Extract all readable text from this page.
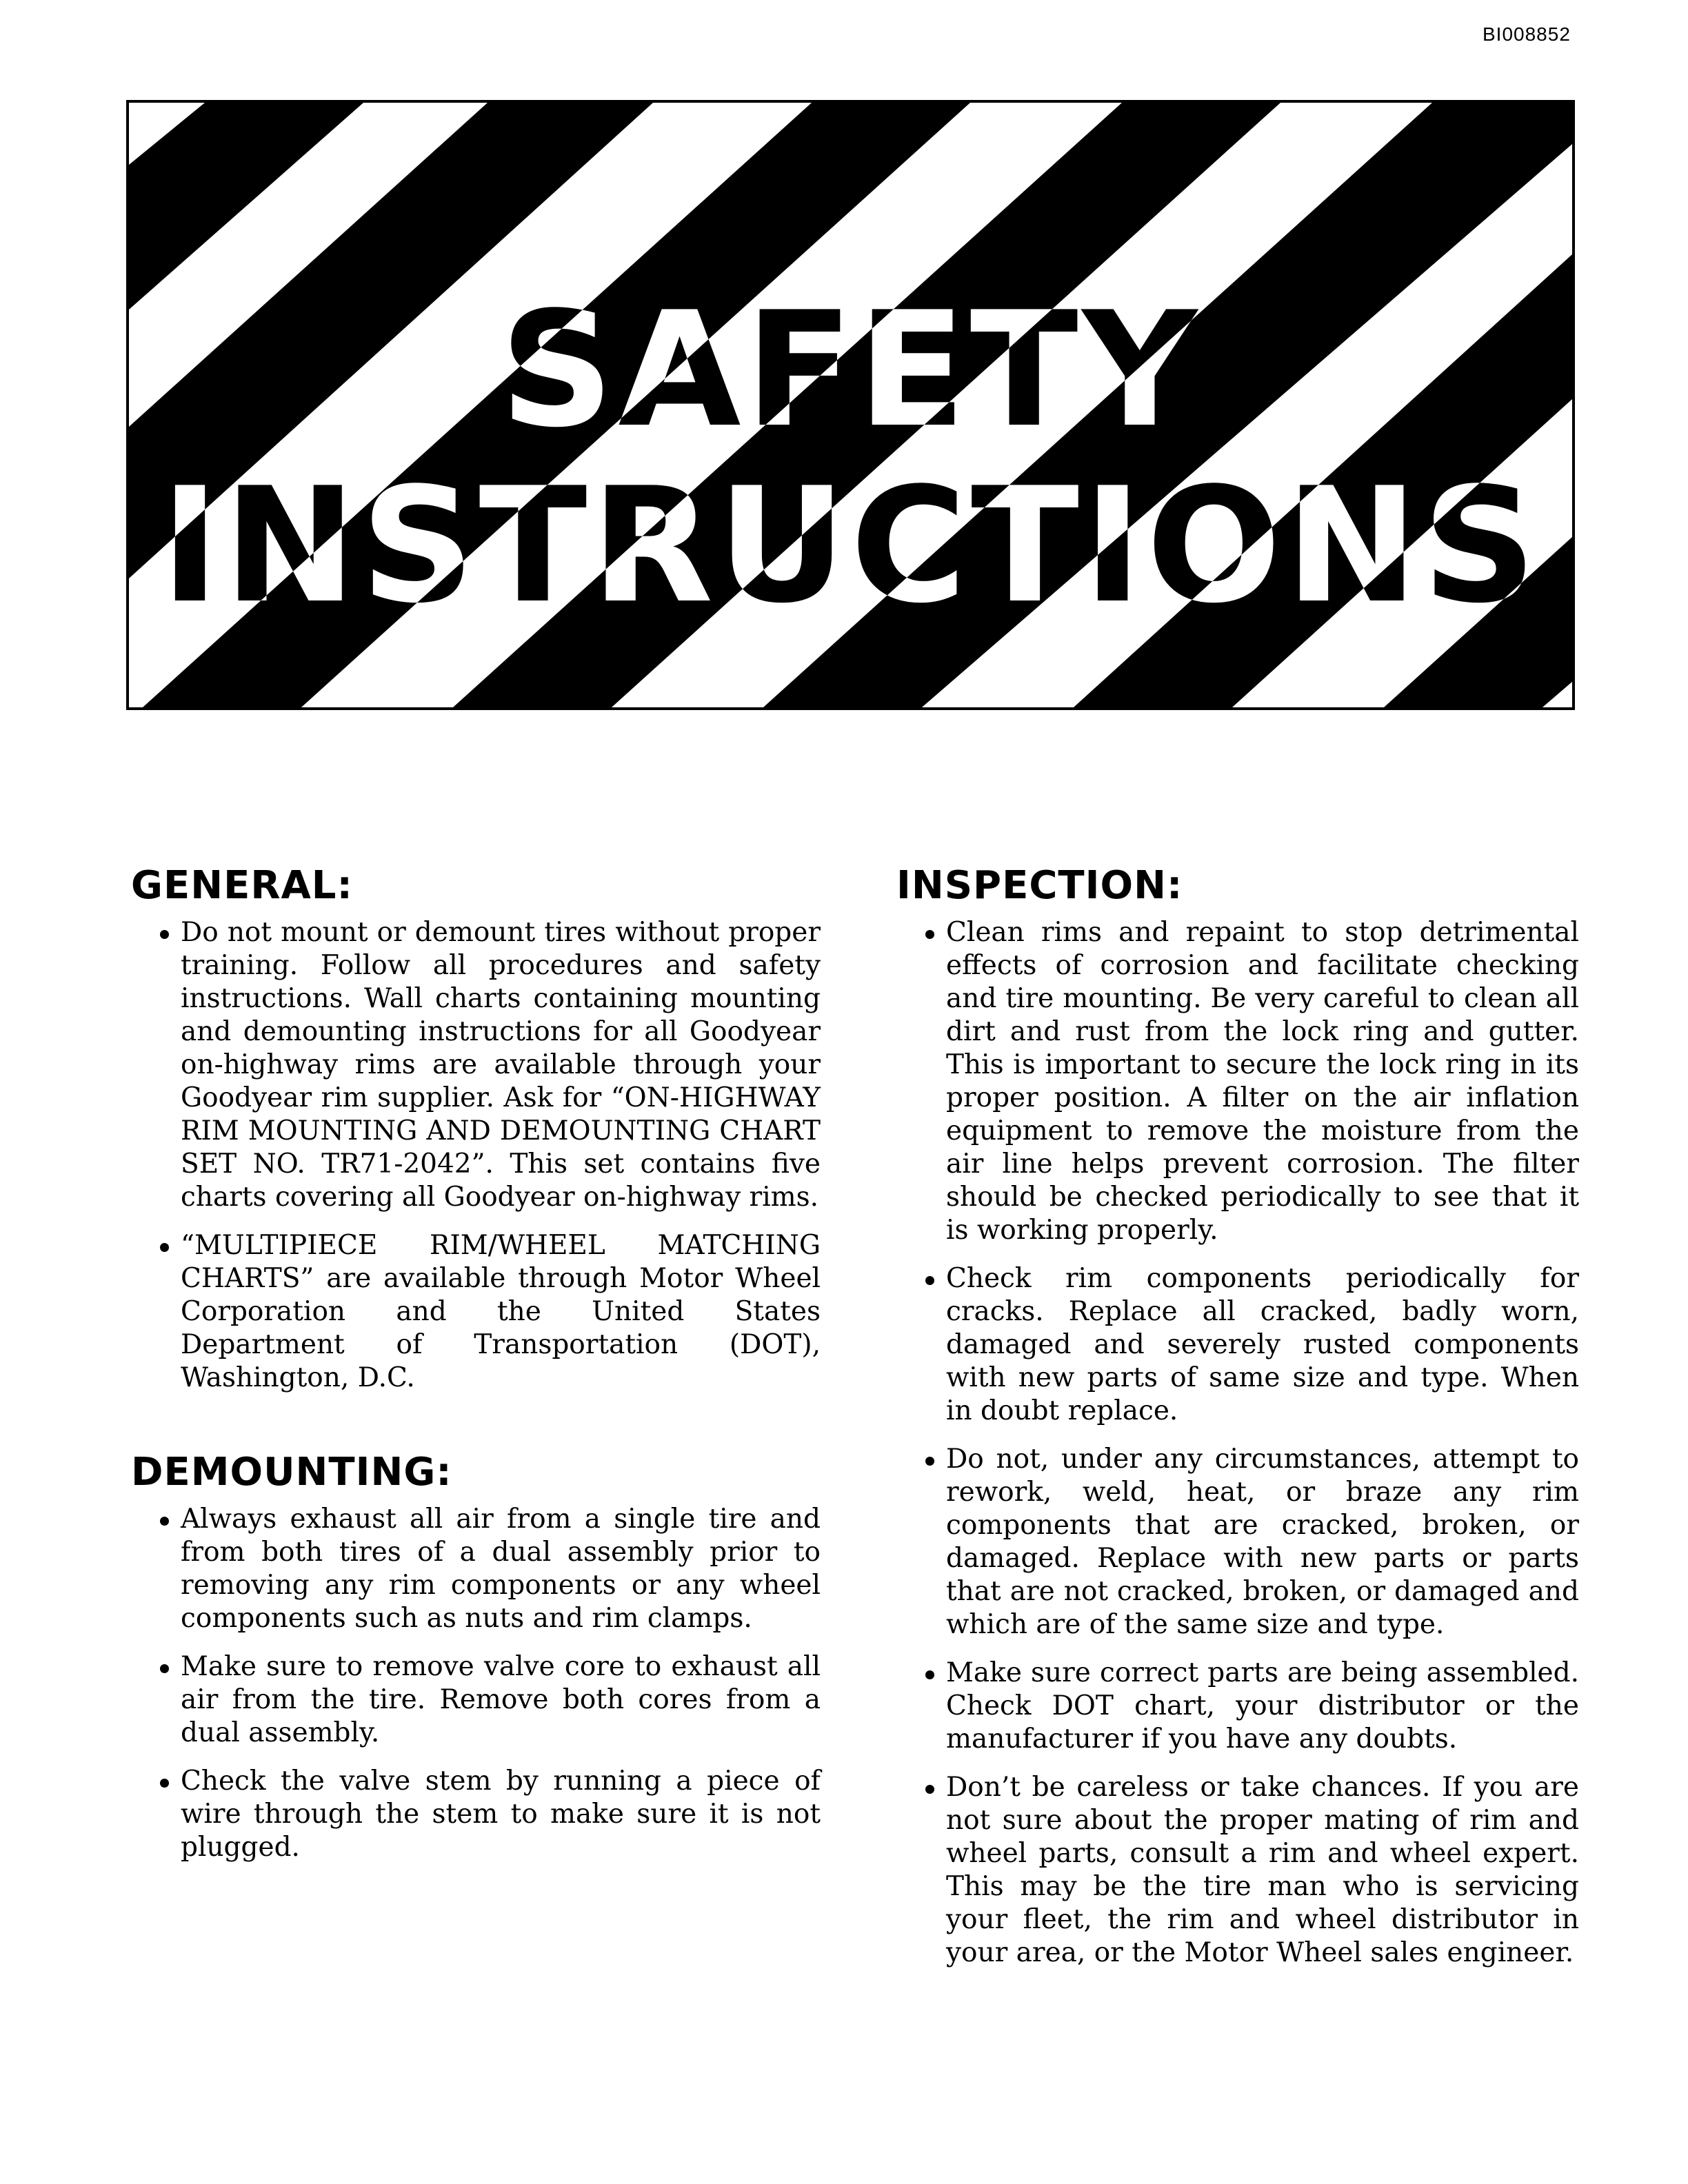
BI008852
SAFETY
INSTRUCTIONS
GENERAL:
Do not mount or demount tires without proper training. Follow all procedures and safety instructions. Wall charts containing mounting and demounting instructions for all Goodyear on-highway rims are available through your Goodyear rim supplier. Ask for “ON-HIGHWAY RIM MOUNTING AND DEMOUNTING CHART SET NO. TR71-2042”. This set contains five charts covering all Goodyear on-highway rims.
“MULTIPIECE RIM/WHEEL MATCHING CHARTS” are available through Motor Wheel Corporation and the United States Department of Transportation (DOT), Washington, D.C.
DEMOUNTING:
Always exhaust all air from a single tire and from both tires of a dual assembly prior to removing any rim components or any wheel components such as nuts and rim clamps.
Make sure to remove valve core to exhaust all air from the tire. Remove both cores from a dual assembly.
Check the valve stem by running a piece of wire through the stem to make sure it is not plugged.
INSPECTION:
Clean rims and repaint to stop detrimental effects of corrosion and facilitate checking and tire mounting. Be very careful to clean all dirt and rust from the lock ring and gutter. This is important to secure the lock ring in its proper position. A filter on the air inflation equipment to remove the moisture from the air line helps prevent corrosion. The filter should be checked periodically to see that it is working properly.
Check rim components periodically for cracks. Replace all cracked, badly worn, damaged and severely rusted components with new parts of same size and type. When in doubt replace.
Do not, under any circumstances, attempt to rework, weld, heat, or braze any rim components that are cracked, broken, or damaged. Replace with new parts or parts that are not cracked, broken, or damaged and which are of the same size and type.
Make sure correct parts are being assembled. Check DOT chart, your distributor or the manufacturer if you have any doubts.
Don’t be careless or take chances. If you are not sure about the proper mating of rim and wheel parts, consult a rim and wheel expert. This may be the tire man who is servicing your fleet, the rim and wheel distributor in your area, or the Motor Wheel sales engineer.
